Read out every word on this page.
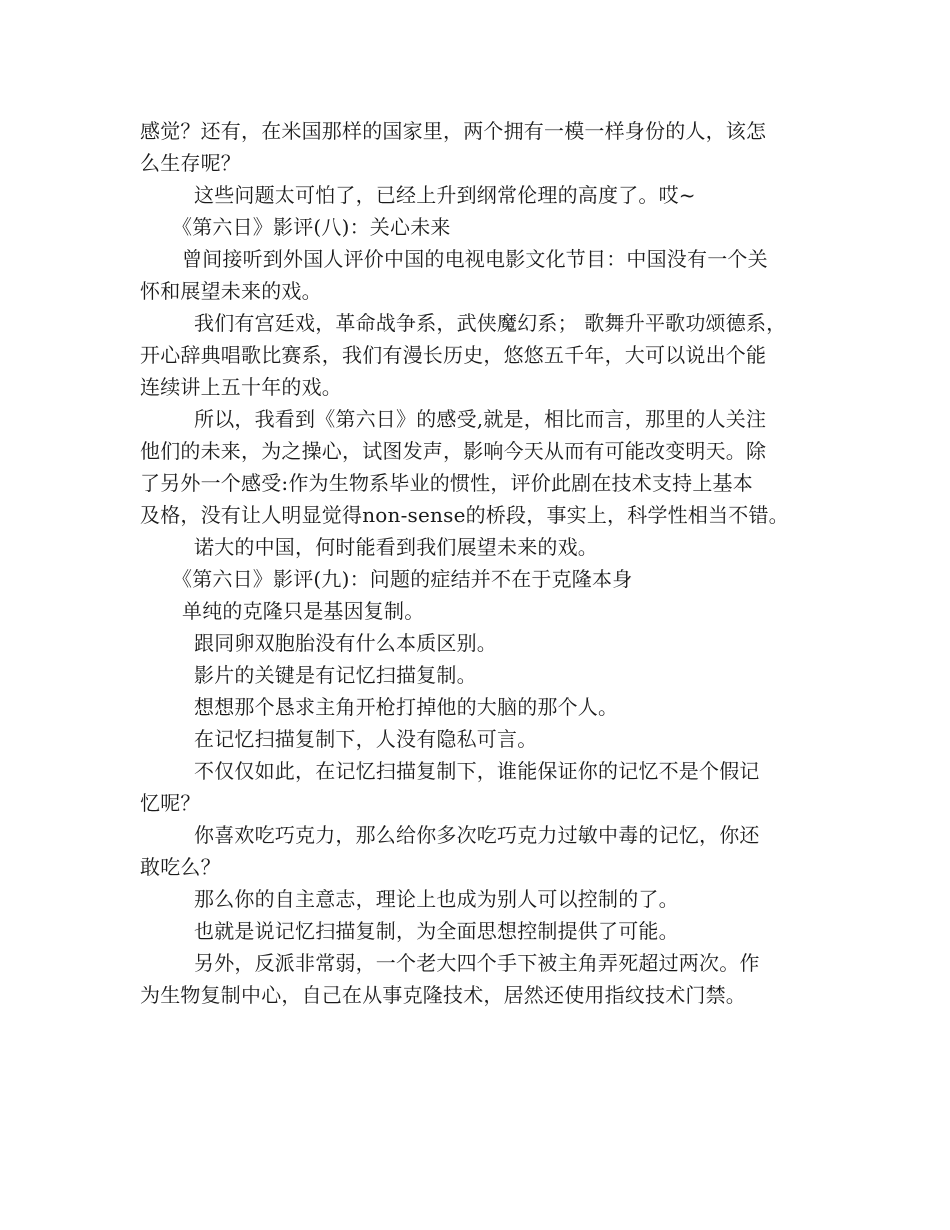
感觉？还有，在米国那样的国家里，两个拥有一模一样身份的人，该怎
么生存呢？
这些问题太可怕了，已经上升到纲常伦理的高度了。哎~
《第六日》影评(八)：关心未来
曾间接听到外国人评价中国的电视电影文化节目：中国没有一个关
怀和展望未来的戏。
我们有宫廷戏，革命战争系，武侠魔幻系； 歌舞升平歌功颂德系，
开心辞典唱歌比赛系，我们有漫长历史，悠悠五千年，大可以说出个能
连续讲上五十年的戏。
所以，我看到《第六日》的感受,就是，相比而言，那里的人关注
他们的未来，为之操心，试图发声，影响今天从而有可能改变明天。除
了另外一个感受:作为生物系毕业的惯性，评价此剧在技术支持上基本
及格，没有让人明显觉得non-sense的桥段，事实上，科学性相当不错。
诺大的中国，何时能看到我们展望未来的戏。
《第六日》影评(九)：问题的症结并不在于克隆本身
单纯的克隆只是基因复制。
跟同卵双胞胎没有什么本质区别。
影片的关键是有记忆扫描复制。
想想那个恳求主角开枪打掉他的大脑的那个人。
在记忆扫描复制下，人没有隐私可言。
不仅仅如此，在记忆扫描复制下，谁能保证你的记忆不是个假记
忆呢？
你喜欢吃巧克力，那么给你多次吃巧克力过敏中毒的记忆，你还
敢吃么？
那么你的自主意志，理论上也成为别人可以控制的了。
也就是说记忆扫描复制，为全面思想控制提供了可能。
另外，反派非常弱，一个老大四个手下被主角弄死超过两次。作
为生物复制中心，自己在从事克隆技术，居然还使用指纹技术门禁。
